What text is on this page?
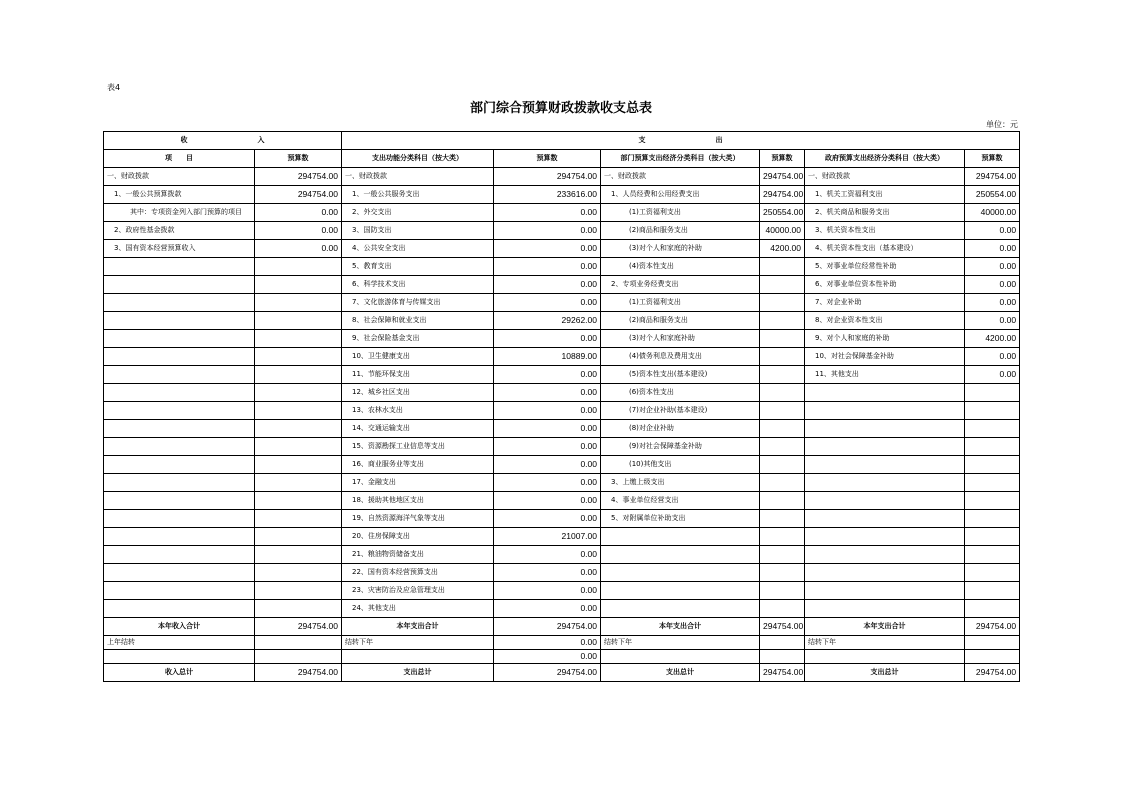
表4
部门综合预算财政拨款收支总表
单位：元
收　　　　　　　　　　入		支　　　　　　　　　　出					
项　　目	预算数	支出功能分类科目（按大类）	预算数	部门预算支出经济分类科目（按大类）	预算数	政府预算支出经济分类科目（按大类）	预算数
一、财政拨款	294754.00	一、财政拨款	294754.00	一、财政拨款	294754.00	一、财政拨款	294754.00
1、一般公共预算拨款	294754.00	1、一般公共服务支出	233616.00	1、人员经费和公用经费支出	294754.00	1、机关工资福利支出	250554.00
其中：专项资金列入部门预算的项目	0.00	2、外交支出	0.00	(1)工资福利支出	250554.00	2、机关商品和服务支出	40000.00
2、政府性基金拨款	0.00	3、国防支出	0.00	(2)商品和服务支出	40000.00	3、机关资本性支出	0.00
3、国有资本经营预算收入	0.00	4、公共安全支出	0.00	(3)对个人和家庭的补助	4200.00	4、机关资本性支出（基本建设）	0.00
		5、教育支出	0.00	(4)资本性支出		5、对事业单位经常性补助	0.00
		6、科学技术支出	0.00	2、专项业务经费支出		6、对事业单位资本性补助	0.00
		7、文化旅游体育与传媒支出	0.00	(1)工资福利支出		7、对企业补助	0.00
		8、社会保障和就业支出	29262.00	(2)商品和服务支出		8、对企业资本性支出	0.00
		9、社会保险基金支出	0.00	(3)对个人和家庭补助		9、对个人和家庭的补助	4200.00
		10、卫生健康支出	10889.00	(4)债务利息及费用支出		10、对社会保障基金补助	0.00
		11、节能环保支出	0.00	(5)资本性支出(基本建设)		11、其他支出	0.00
		12、城乡社区支出	0.00	(6)资本性支出			
		13、农林水支出	0.00	(7)对企业补助(基本建设)			
		14、交通运输支出	0.00	(8)对企业补助			
		15、资源勘探工业信息等支出	0.00	(9)对社会保障基金补助			
		16、商业服务业等支出	0.00	(10)其他支出			
		17、金融支出	0.00	3、上缴上级支出			
		18、援助其他地区支出	0.00	4、事业单位经营支出			
		19、自然资源海洋气象等支出	0.00	5、对附属单位补助支出			
		20、住房保障支出	21007.00				
		21、粮油物资储备支出	0.00				
		22、国有资本经营预算支出	0.00				
		23、灾害防治及应急管理支出	0.00				
		24、其他支出	0.00				
本年收入合计	294754.00	本年支出合计	294754.00	本年支出合计	294754.00	本年支出合计	294754.00
上年结转		结转下年	0.00	结转下年		结转下年	
			0.00				
收入总计	294754.00	支出总计	294754.00	支出总计	294754.00	支出总计	294754.00
